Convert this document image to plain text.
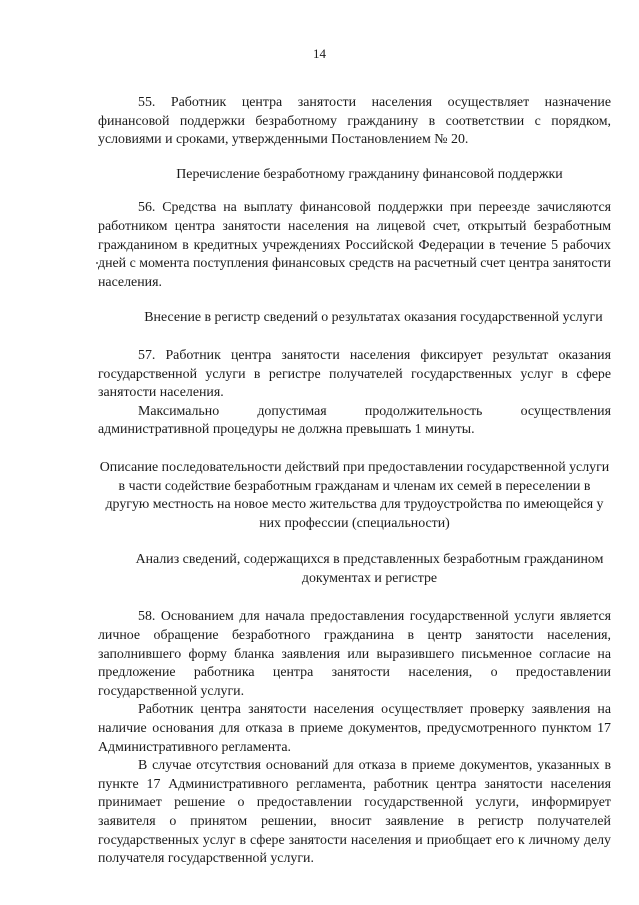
14

55. Работник центра занятости населения осуществляет назначение финансовой поддержки безработному гражданину в соответствии с порядком, условиями и сроками, утвержденными Постановлением № 20.

Перечисление безработному гражданину финансовой поддержки

56. Средства на выплату финансовой поддержки при переезде зачисляются работником центра занятости населения на лицевой счет, открытый безработным гражданином в кредитных учреждениях Российской Федерации в течение 5 рабочих дней с момента поступления финансовых средств на расчетный счет центра занятости населения.

Внесение в регистр сведений о результатах оказания государственной услуги

57. Работник центра занятости населения фиксирует результат оказания государственной услуги в регистре получателей государственных услуг в сфере занятости населения.

Максимально допустимая продолжительность осуществления административной процедуры не должна превышать 1 минуты.

Описание последовательности действий при предоставлении государственной услуги в части содействие безработным гражданам и членам их семей в переселении в другую местность на новое место жительства для трудоустройства по имеющейся у них профессии (специальности)

Анализ сведений, содержащихся в представленных безработным гражданином документах и регистре

58. Основанием для начала предоставления государственной услуги является личное обращение безработного гражданина в центр занятости населения, заполнившего форму бланка заявления или выразившего письменное согласие на предложение работника центра занятости населения, о предоставлении государственной услуги.

Работник центра занятости населения осуществляет проверку заявления на наличие основания для отказа в приеме документов, предусмотренного пунктом 17 Административного регламента.

В случае отсутствия оснований для отказа в приеме документов, указанных в пункте 17 Административного регламента, работник центра занятости населения принимает решение о предоставлении государственной услуги, информирует заявителя о принятом решении, вносит заявление в регистр получателей государственных услуг в сфере занятости населения и приобщает его к личному делу получателя государственной услуги.
